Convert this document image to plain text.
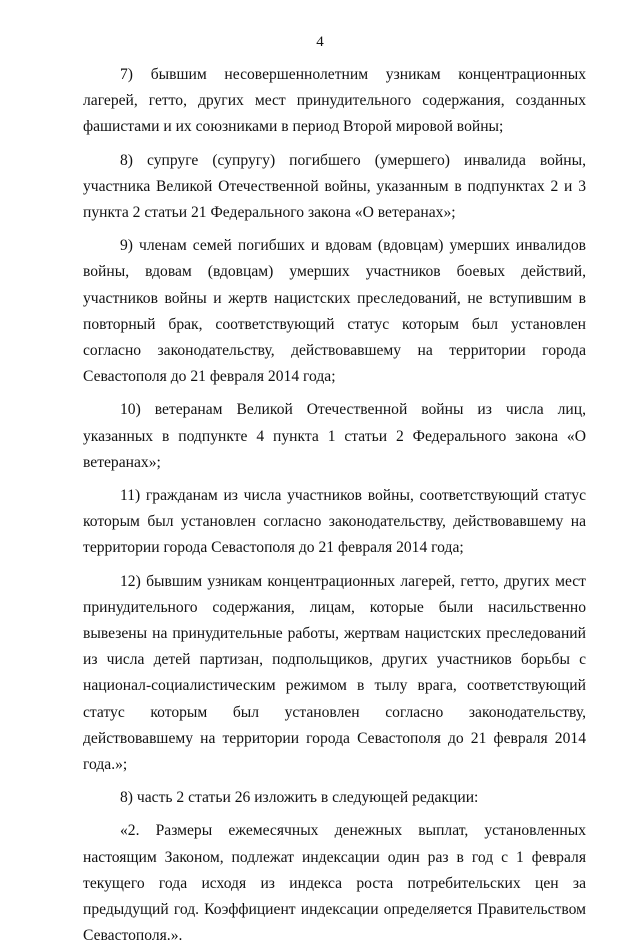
4

7) бывшим несовершеннолетним узникам концентрационных лагерей, гетто, других мест принудительного содержания, созданных фашистами и их союзниками в период Второй мировой войны;

8) супруге (супругу) погибшего (умершего) инвалида войны, участника Великой Отечественной войны, указанным в подпунктах 2 и 3 пункта 2 статьи 21 Федерального закона «О ветеранах»;

9) членам семей погибших и вдовам (вдовцам) умерших инвалидов войны, вдовам (вдовцам) умерших участников боевых действий, участников войны и жертв нацистских преследований, не вступившим в повторный брак, соответствующий статус которым был установлен согласно законодательству, действовавшему на территории города Севастополя до 21 февраля 2014 года;

10) ветеранам Великой Отечественной войны из числа лиц, указанных в подпункте 4 пункта 1 статьи 2 Федерального закона «О ветеранах»;

11) гражданам из числа участников войны, соответствующий статус которым был установлен согласно законодательству, действовавшему на территории города Севастополя до 21 февраля 2014 года;

12) бывшим узникам концентрационных лагерей, гетто, других мест принудительного содержания, лицам, которые были насильственно вывезены на принудительные работы, жертвам нацистских преследований из числа детей партизан, подпольщиков, других участников борьбы с национал-социалистическим режимом в тылу врага, соответствующий статус которым был установлен согласно законодательству, действовавшему на территории города Севастополя до 21 февраля 2014 года.»;

8) часть 2 статьи 26 изложить в следующей редакции:

«2. Размеры ежемесячных денежных выплат, установленных настоящим Законом, подлежат индексации один раз в год с 1 февраля текущего года исходя из индекса роста потребительских цен за предыдущий год. Коэффициент индексации определяется Правительством Севастополя.».
